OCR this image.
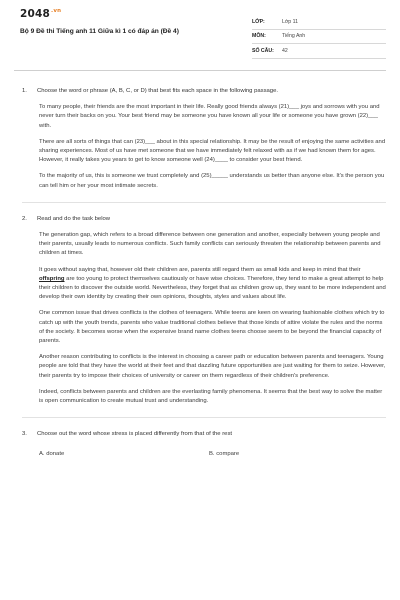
$2048^{.vn}$
Bộ 9 Đề thi Tiếng anh 11 Giữa kì 1 có đáp án (Đề 4)
LỚP:	Lớp 11
MÔN:	Tiếng Anh
SỐ CÂU:	42
1.	Choose the word or phrase (A, B, C, or D) that best fits each space in the following passage.

To many people, their friends are the most important in their life. Really good friends always (21)___ joys and sorrows with you and never turn their backs on you. Your best friend may be someone you have known all your life or someone you have grown (22)___ with.

There are all sorts of things that can (23)___ about in this special relationship. It may be the result of enjoying the same activities and sharing experiences. Most of us have met someone that we have immediately felt relaxed with as if we had known them for ages. However, it really takes you years to get to know someone well (24)____ to consider your best friend.

To the majority of us, this is someone we trust completely and (25)_____ understands us better than anyone else. It's the person you can tell him or her your most intimate secrets.

2.	Read and do the task below

The generation gap, which refers to a broad difference between one generation and another, especially between young people and their parents, usually leads to numerous conflicts. Such family conflicts can seriously threaten the relationship between parents and children at times.

It goes without saying that, however old their children are, parents still regard them as small kids and keep in mind that their offspring are too young to protect themselves cautiously or have wise choices. Therefore, they tend to make a great attempt to help their children to discover the outside world. Nevertheless, they forget that as children grow up, they want to be more independent and develop their own identity by creating their own opinions, thoughts, styles and values about life.

One common issue that drives conflicts is the clothes of teenagers. While teens are keen on wearing fashionable clothes which try to catch up with the youth trends, parents who value traditional clothes believe that those kinds of attire violate the rules and the norms of the society. It becomes worse when the expensive brand name clothes teens choose seem to be beyond the financial capacity of parents.

Another reason contributing to conflicts is the interest in choosing a career path or education between parents and teenagers. Young people are told that they have the world at their feet and that dazzling future opportunities are just waiting for them to seize. However, their parents try to impose their choices of university or career on them regardless of their children's preference.

Indeed, conflicts between parents and children are the everlasting family phenomena. It seems that the best way to solve the matter is open communication to create mutual trust and understanding.

3.	Choose out the word whose stress is placed differently from that of the rest
A. donate	B. compare
